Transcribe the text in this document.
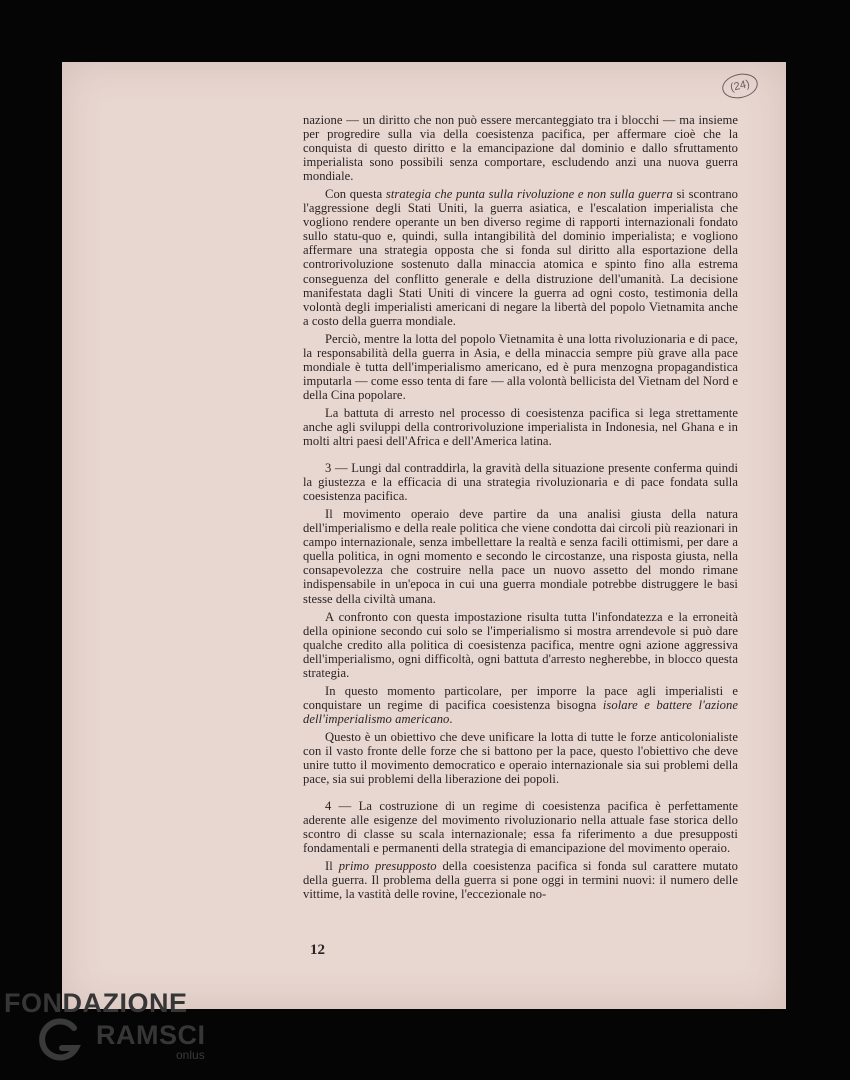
(24)

nazione — un diritto che non può essere mercanteggiato tra i blocchi — ma insieme per progredire sulla via della coesistenza pacifica, per affermare cioè che la conquista di questo diritto e la emancipazione dal dominio e dallo sfruttamento imperialista sono possibili senza comportare, escludendo anzi una nuova guerra mondiale.

Con questa strategia che punta sulla rivoluzione e non sulla guerra si scontrano l'aggressione degli Stati Uniti, la guerra asiatica, e l'escalation imperialista che vogliono rendere operante un ben diverso regime di rapporti internazionali fondato sullo statu-quo e, quindi, sulla intangibilità del dominio imperialista; e vogliono affermare una strategia opposta che si fonda sul diritto alla esportazione della controrivoluzione sostenuto dalla minaccia atomica e spinto fino alla estrema conseguenza del conflitto generale e della distruzione dell'umanità. La decisione manifestata dagli Stati Uniti di vincere la guerra ad ogni costo, testimonia della volontà degli imperialisti americani di negare la libertà del popolo Vietnamita anche a costo della guerra mondiale.

Perciò, mentre la lotta del popolo Vietnamita è una lotta rivoluzionaria e di pace, la responsabilità della guerra in Asia, e della minaccia sempre più grave alla pace mondiale è tutta dell'imperialismo americano, ed è pura menzogna propagandistica imputarla — come esso tenta di fare — alla volontà bellicista del Vietnam del Nord e della Cina popolare.

La battuta di arresto nel processo di coesistenza pacifica si lega strettamente anche agli sviluppi della controrivoluzione imperialista in Indonesia, nel Ghana e in molti altri paesi dell'Africa e dell'America latina.

3 — Lungi dal contraddirla, la gravità della situazione presente conferma quindi la giustezza e la efficacia di una strategia rivoluzionaria e di pace fondata sulla coesistenza pacifica.

Il movimento operaio deve partire da una analisi giusta della natura dell'imperialismo e della reale politica che viene condotta dai circoli più reazionari in campo internazionale, senza imbellettare la realtà e senza facili ottimismi, per dare a quella politica, in ogni momento e secondo le circostanze, una risposta giusta, nella consapevolezza che costruire nella pace un nuovo assetto del mondo rimane indispensabile in un'epoca in cui una guerra mondiale potrebbe distruggere le basi stesse della civiltà umana.

A confronto con questa impostazione risulta tutta l'infondatezza e la erroneità della opinione secondo cui solo se l'imperialismo si mostra arrendevole si può dare qualche credito alla politica di coesistenza pacifica, mentre ogni azione aggressiva dell'imperialismo, ogni difficoltà, ogni battuta d'arresto negherebbe, in blocco questa strategia.

In questo momento particolare, per imporre la pace agli imperialisti e conquistare un regime di pacifica coesistenza bisogna isolare e battere l'azione dell'imperialismo americano.

Questo è un obiettivo che deve unificare la lotta di tutte le forze anticolonialiste con il vasto fronte delle forze che si battono per la pace, questo l'obiettivo che deve unire tutto il movimento democratico e operaio internazionale sia sui problemi della pace, sia sui problemi della liberazione dei popoli.

4 — La costruzione di un regime di coesistenza pacifica è perfettamente aderente alle esigenze del movimento rivoluzionario nella attuale fase storica dello scontro di classe su scala internazionale; essa fa riferimento a due presupposti fondamentali e permanenti della strategia di emancipazione del movimento operaio.

Il primo presupposto della coesistenza pacifica si fonda sul carattere mutato della guerra. Il problema della guerra si pone oggi in termini nuovi: il numero delle vittime, la vastità delle rovine, l'eccezionale no-

12
FONDAZIONE
RAMSCI
onlus
